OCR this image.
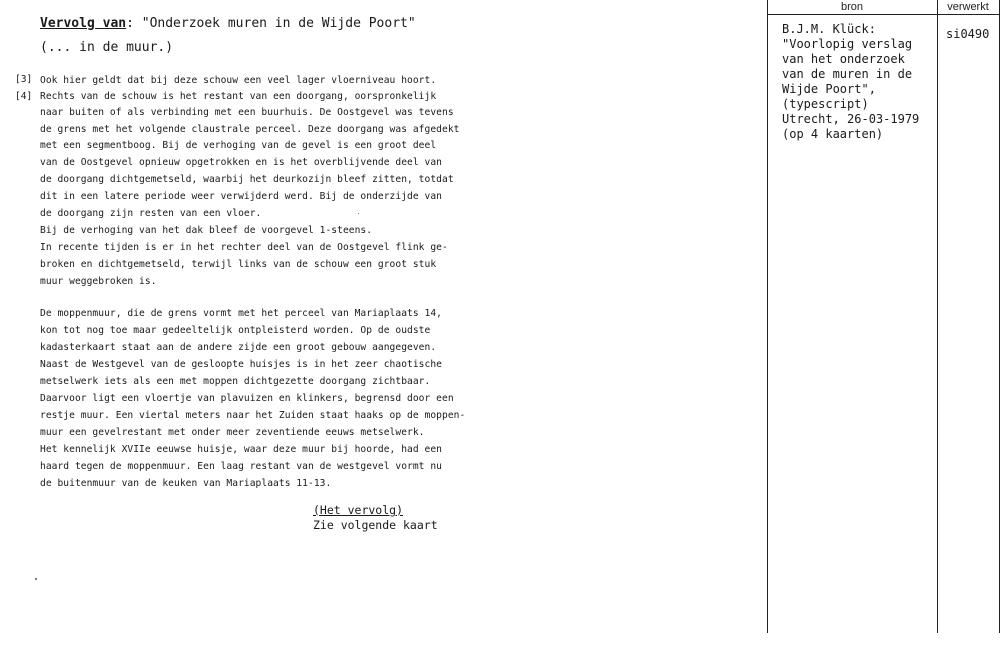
Vervolg van: "Onderzoek muren in de Wijde Poort"
(... in de muur.)
[3]
[4]
Ook hier geldt dat bij deze schouw een veel lager vloerniveau hoort.
Rechts van de schouw is het restant van een doorgang, oorspronkelijk
naar buiten of als verbinding met een buurhuis. De Oostgevel was tevens
de grens met het volgende claustrale perceel. Deze doorgang was afgedekt
met een segmentboog. Bij de verhoging van de gevel is een groot deel
van de Oostgevel opnieuw opgetrokken en is het overblijvende deel van
de doorgang dichtgemetseld, waarbij het deurkozijn bleef zitten, totdat
dit in een latere periode weer verwijderd werd. Bij de onderzijde van
de doorgang zijn resten van een vloer.
Bij de verhoging van het dak bleef de voorgevel 1-steens.
In recente tijden is er in het rechter deel van de Oostgevel flink ge-
broken en dichtgemetseld, terwijl links van de schouw een groot stuk
muur weggebroken is.
De moppenmuur, die de grens vormt met het perceel van Mariaplaats 14,
kon tot nog toe maar gedeeltelijk ontpleisterd worden. Op de oudste
kadasterkaart staat aan de andere zijde een groot gebouw aangegeven.
Naast de Westgevel van de gesloopte huisjes is in het zeer chaotische
metselwerk iets als een met moppen dichtgezette doorgang zichtbaar.
Daarvoor ligt een vloertje van plavuizen en klinkers, begrensd door een
restje muur. Een viertal meters naar het Zuiden staat haaks op de moppen-
muur een gevelrestant met onder meer zeventiende eeuws metselwerk.
Het kennelijk XVIIe eeuwse huisje, waar deze muur bij hoorde, had een
haard tegen de moppenmuur. Een laag restant van de westgevel vormt nu
de buitenmuur van de keuken van Mariaplaats 11-13.
(Het vervolg)
Zie volgende kaart
bron	verwerkt
B.J.M. Klück:
"Voorlopig verslag
van het onderzoek
van de muren in de
Wijde Poort",
(typescript)
Utrecht, 26-03-1979
(op 4 kaarten)
si0490
